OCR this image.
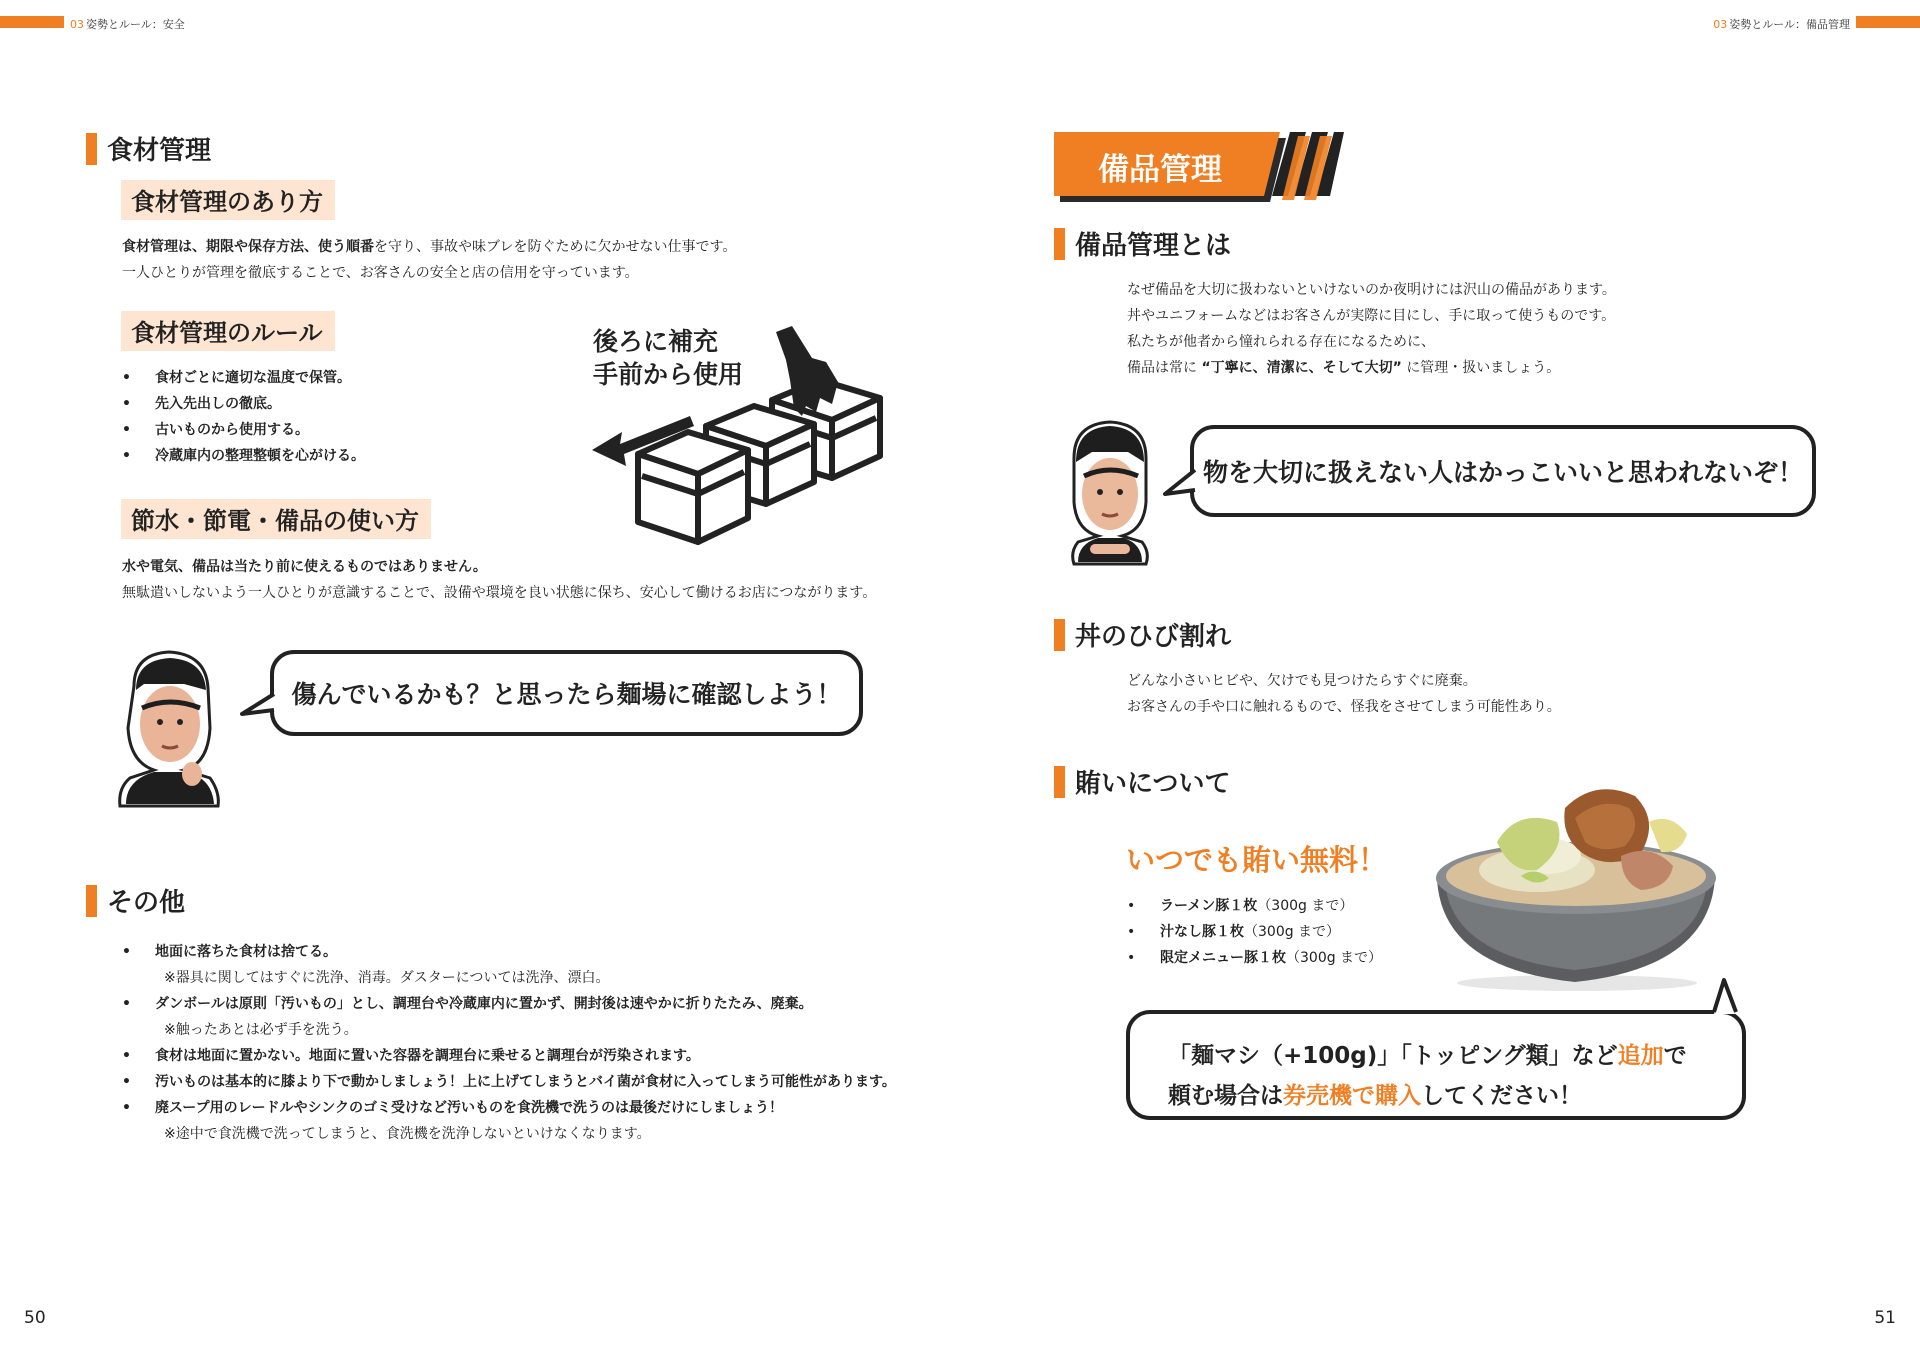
03 姿勢とルール：安全	03 姿勢とルール：備品管理
食材管理
食材管理のあり方
食材管理は、期限や保存方法、使う順番を守り、事故や味ブレを防ぐために欠かせない仕事です。
一人ひとりが管理を徹底することで、お客さんの安全と店の信用を守っています。
食材管理のルール
• 食材ごとに適切な温度で保管。
• 先入先出しの徹底。
• 古いものから使用する。
• 冷蔵庫内の整理整頓を心がける。
後ろに補充
手前から使用
節水・節電・備品の使い方
水や電気、備品は当たり前に使えるものではありません。
無駄遣いしないよう一人ひとりが意識することで、設備や環境を良い状態に保ち、安心して働けるお店につながります。
傷んでいるかも？と思ったら麺場に確認しよう！
その他
• 地面に落ちた食材は捨てる。
※器具に関してはすぐに洗浄、消毒。ダスターについては洗浄、漂白。
• ダンボールは原則「汚いもの」とし、調理台や冷蔵庫内に置かず、開封後は速やかに折りたたみ、廃棄。
※触ったあとは必ず手を洗う。
• 食材は地面に置かない。地面に置いた容器を調理台に乗せると調理台が汚染されます。
• 汚いものは基本的に膝より下で動かしましょう！上に上げてしまうとバイ菌が食材に入ってしまう可能性があります。
• 廃スープ用のレードルやシンクのゴミ受けなど汚いものを食洗機で洗うのは最後だけにしましょう！
※途中で食洗機で洗ってしまうと、食洗機を洗浄しないといけなくなります。
50
備品管理
備品管理とは
なぜ備品を大切に扱わないといけないのか夜明けには沢山の備品があります。
丼やユニフォームなどはお客さんが実際に目にし、手に取って使うものです。
私たちが他者から憧れられる存在になるために、
備品は常に “丁寧に、清潔に、そして大切” に管理・扱いましょう。
物を大切に扱えない人はかっこいいと思われないぞ！
丼のひび割れ
どんな小さいヒビや、欠けでも見つけたらすぐに廃棄。
お客さんの手や口に触れるもので、怪我をさせてしまう可能性あり。
賄いについて
いつでも賄い無料！
• ラーメン豚１枚（300g まで）
• 汁なし豚１枚（300g まで）
• 限定メニュー豚１枚（300g まで）
「麺マシ（+100g)」「トッピング類」など追加で
頼む場合は券売機で購入してください！
51
